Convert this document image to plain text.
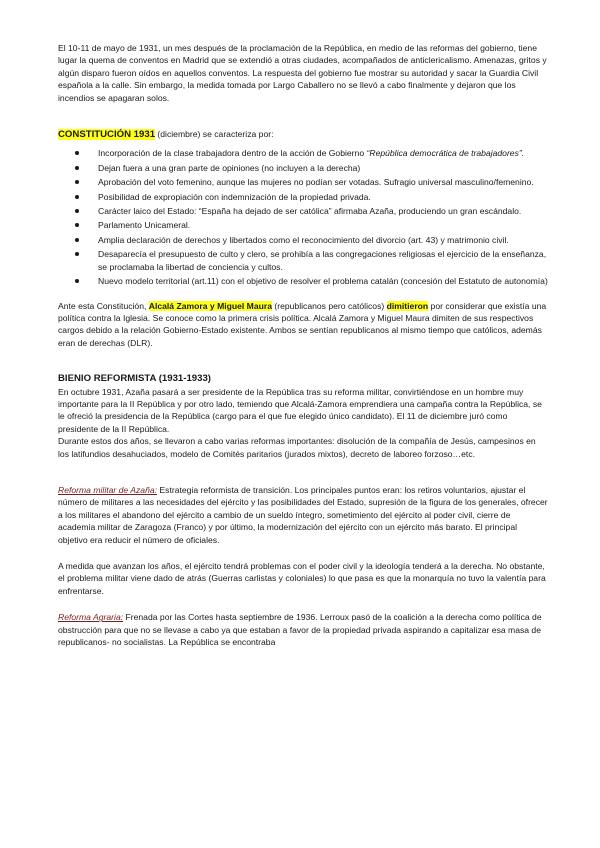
El 10-11 de mayo de 1931, un mes después de la proclamación de la República, en medio de las reformas del gobierno, tiene lugar la quema de conventos en Madrid que se extendió a otras ciudades, acompañados de anticlericalismo. Amenazas, gritos y algún disparo fueron oídos en aquellos conventos. La respuesta del gobierno fue mostrar su autoridad y sacar la Guardia Civil española a la calle. Sin embargo, la medida tomada por Largo Caballero no se llevó a cabo finalmente y dejaron que los incendios se apagaran solos.

CONSTITUCIÓN 1931 (diciembre) se caracteriza por:

Incorporación de la clase trabajadora dentro de la acción de Gobierno “República democrática de trabajadores”.
Dejan fuera a una gran parte de opiniones (no incluyen a la derecha)
Aprobación del voto femenino, aunque las mujeres no podían ser votadas. Sufragio universal masculino/femenino.
Posibilidad de expropiación con indemnización de la propiedad privada.
Carácter laico del Estado: “España ha dejado de ser católica” afirmaba Azaña, produciendo un gran escándalo.
Parlamento Unicameral.
Amplia declaración de derechos y libertados como el reconocimiento del divorcio (art. 43) y matrimonio civil.
Desaparecía el presupuesto de culto y clero, se prohibía a las congregaciones religiosas el ejercicio de la enseñanza, se proclamaba la libertad de conciencia y cultos.
Nuevo modelo territorial (art.11) con el objetivo de resolver el problema catalán (concesión del Estatuto de autonomía)

Ante esta Constitución, Alcalá Zamora y Miguel Maura (republicanos pero católicos) dimitieron por considerar que existía una política contra la Iglesia. Se conoce como la primera crisis política. Alcalá Zamora y Miguel Maura dimiten de sus respectivos cargos debido a la relación Gobierno-Estado existente. Ambos se sentían republicanos al mismo tiempo que católicos, además eran de derechas (DLR).

BIENIO REFORMISTA (1931-1933)

En octubre 1931, Azaña pasará a ser presidente de la República tras su reforma militar, convirtiéndose en un hombre muy importante para la II República y por otro lado, temiendo que Alcalá-Zamora emprendiera una campaña contra la República, se le ofreció la presidencia de la República (cargo para el que fue elegido único candidato). El 11 de diciembre juró como presidente de la II República.

Durante estos dos años, se llevaron a cabo varias reformas importantes: disolución de la compañía de Jesús, campesinos en los latifundios desahuciados, modelo de Comités paritarios (jurados mixtos), decreto de laboreo forzoso…etc.

Reforma militar de Azaña: Estrategia reformista de transición. Los principales puntos eran: los retiros voluntarios, ajustar el número de militares a las necesidades del ejército y las posibilidades del Estado, supresión de la figura de los generales, ofrecer a los militares el abandono del ejército a cambio de un sueldo íntegro, sometimiento del ejército al poder civil, cierre de academia militar de Zaragoza (Franco) y por último, la modernización del ejército con un ejército más barato. El principal objetivo era reducir el número de oficiales.

A medida que avanzan los años, el ejército tendrá problemas con el poder civil y la ideología tenderá a la derecha. No obstante, el problema militar viene dado de atrás (Guerras carlistas y coloniales) lo que pasa es que la monarquía no tuvo la valentía para enfrentarse.

Reforma Agraria: Frenada por las Cortes hasta septiembre de 1936. Lerroux pasó de la coalición a la derecha como política de obstrucción para que no se llevase a cabo ya que estaban a favor de la propiedad privada aspirando a capitalizar esa masa de republicanos- no socialistas. La República se encontraba
